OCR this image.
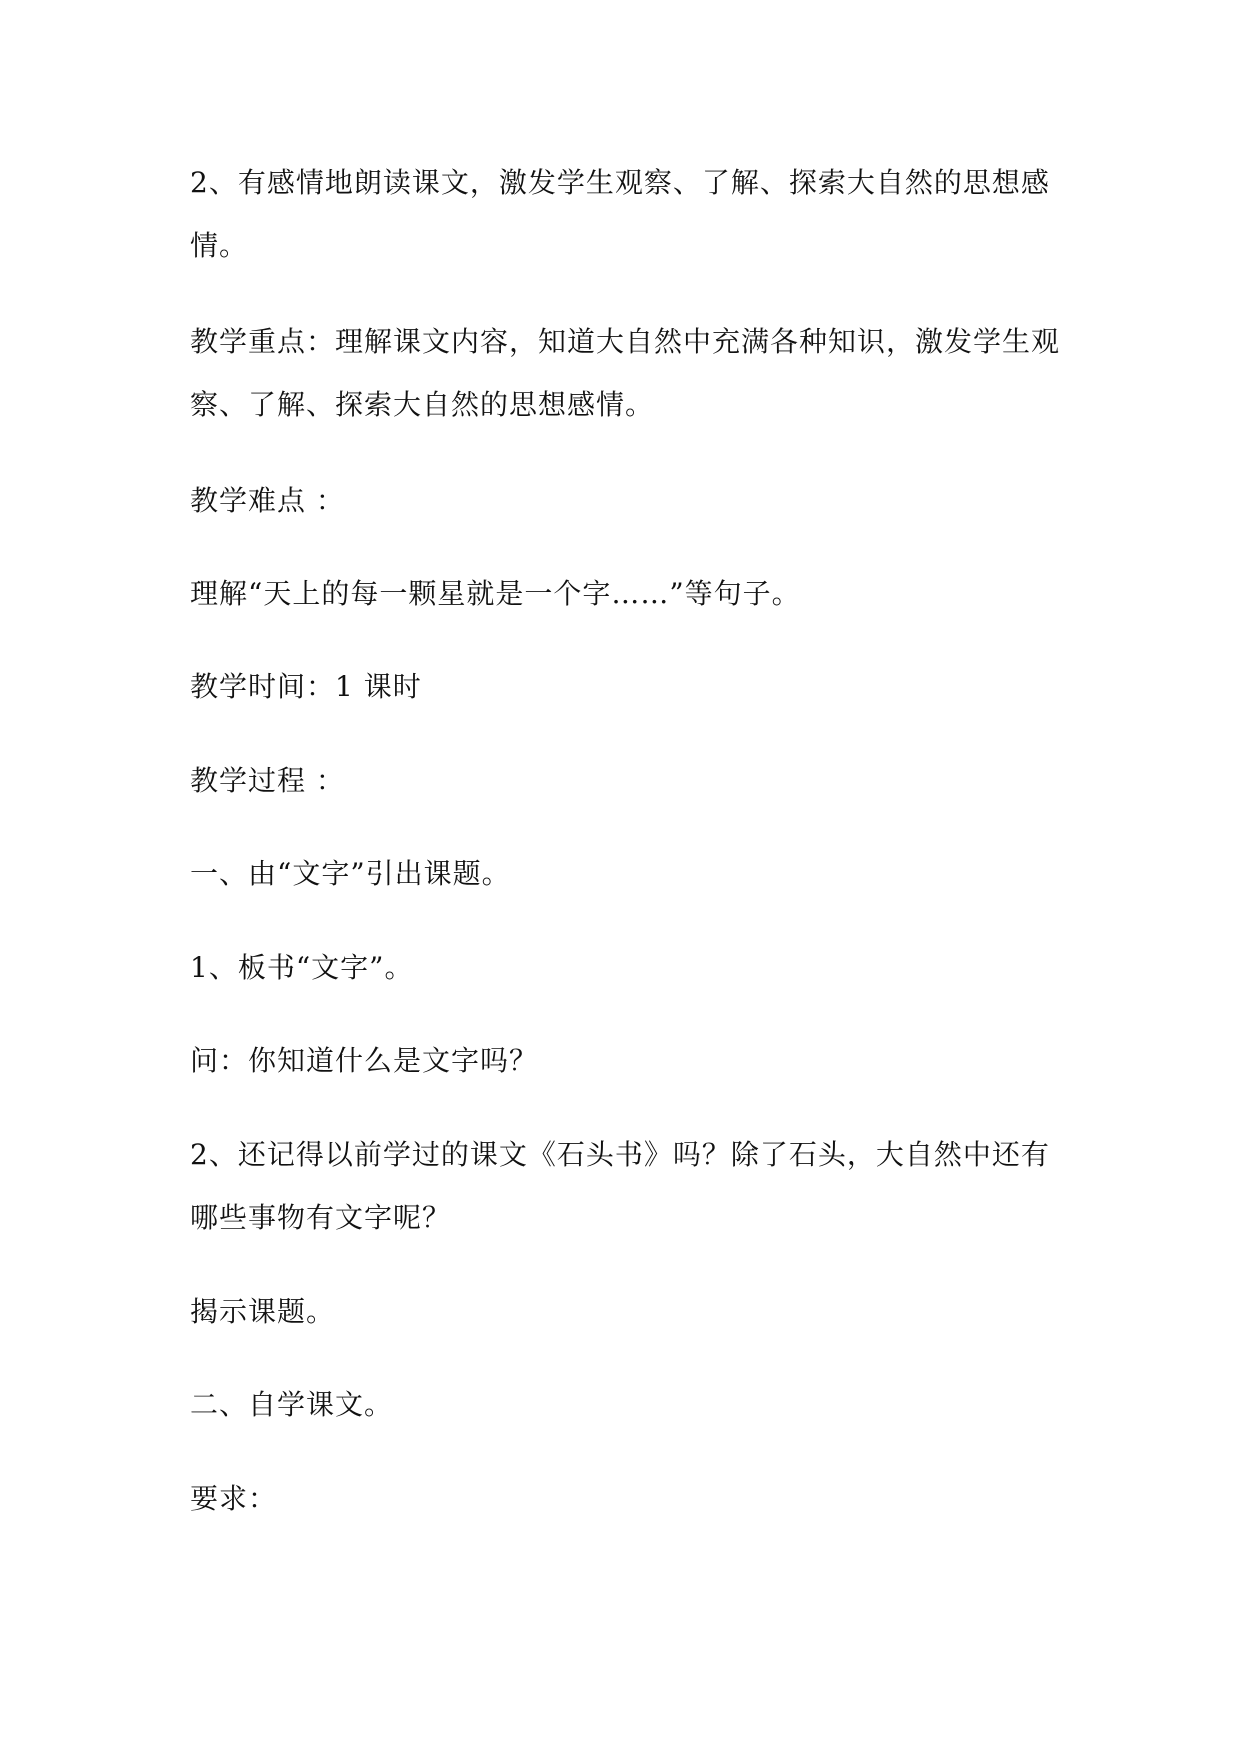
2、有感情地朗读课文，激发学生观察、了解、探索大自然的思想感
情。
教学重点：理解课文内容，知道大自然中充满各种知识，激发学生观
察、了解、探索大自然的思想感情。
教学难点 ：
理解“天上的每一颗星就是一个字……”等句子。
教学时间：1 课时
教学过程 ：
一、由“文字”引出课题。
1、板书“文字”。
问：你知道什么是文字吗？
2、还记得以前学过的课文《石头书》吗？除了石头，大自然中还有
哪些事物有文字呢？
揭示课题。
二、自学课文。
要求：
